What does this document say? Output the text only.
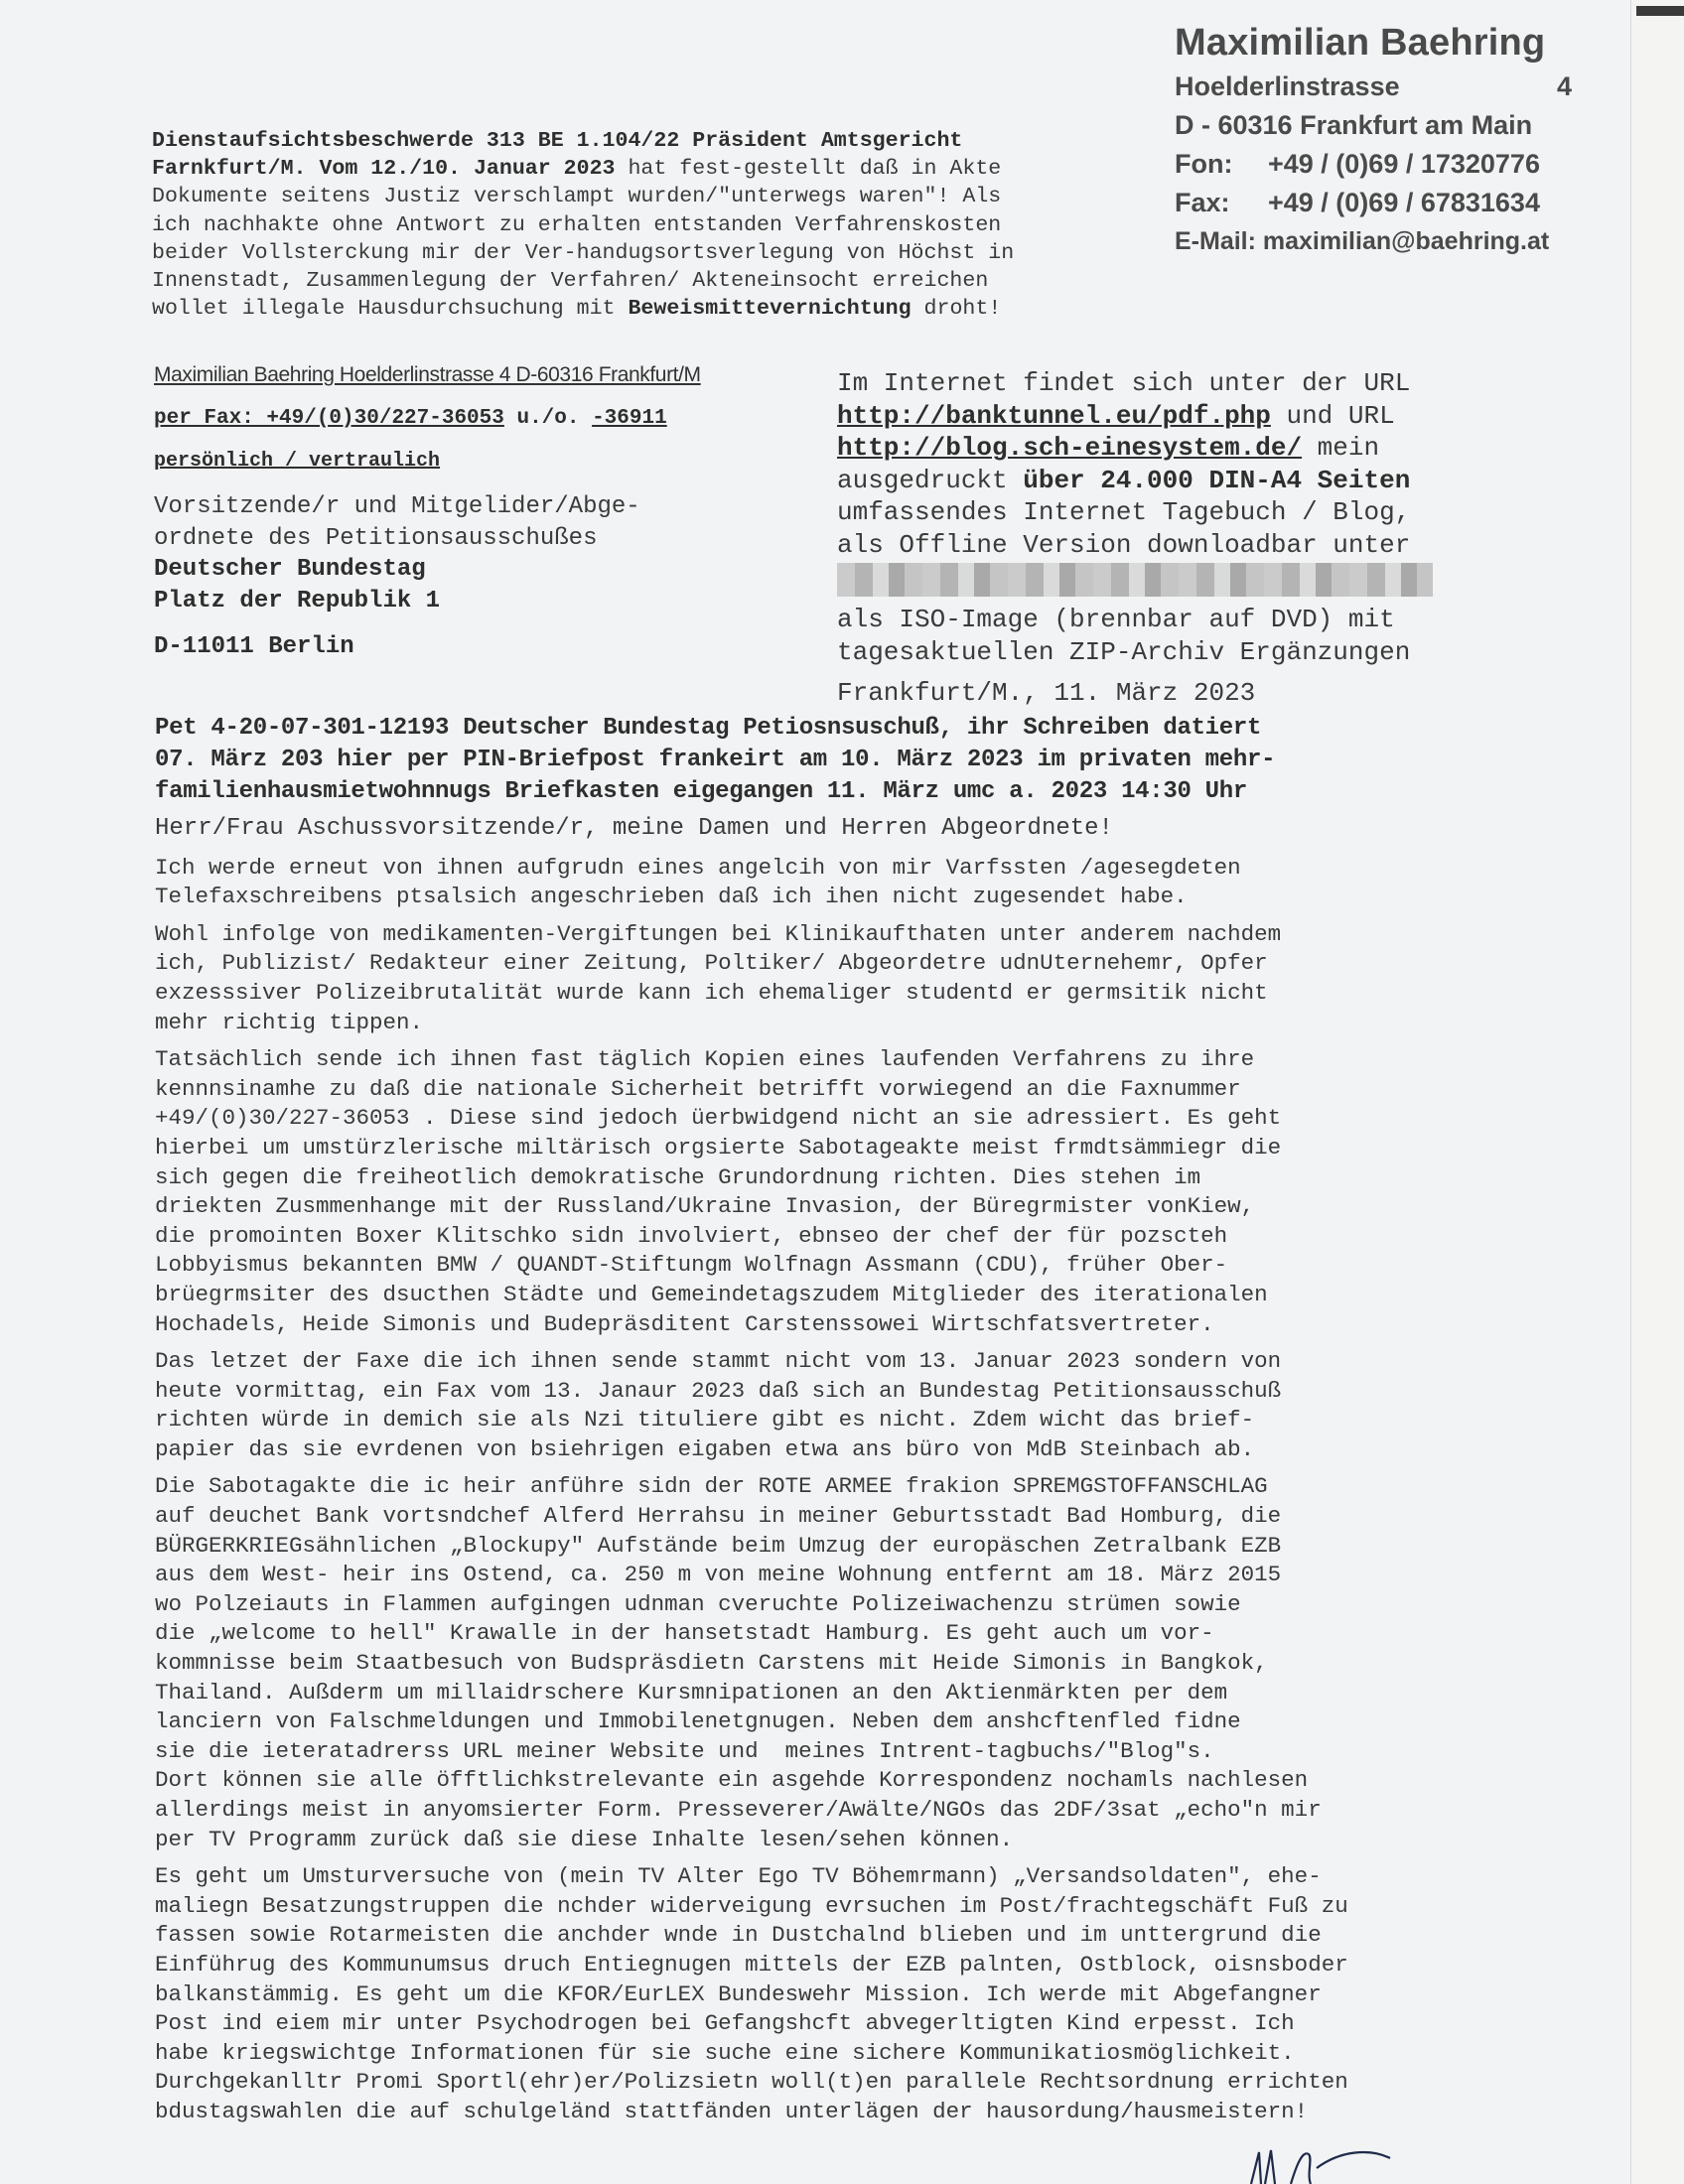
Maximilian Baehring
Hoelderlinstrasse	4
D - 60316 Frankfurt am Main
Fon: +49 / (0)69 / 17320776
Fax: +49 / (0)69 / 67831634
E-Mail: maximilian@baehring.at
Dienstaufsichtsbeschwerde 313 BE 1.104/22 Präsident Amtsgericht
Farnkfurt/M. Vom 12./10. Januar 2023 hat fest-gestellt daß in Akte
Dokumente seitens Justiz verschlampt wurden/"unterwegs waren"! Als
ich nachhakte ohne Antwort zu erhalten entstanden Verfahrenskosten
beider Vollsterckung mir der Ver-handugsortsverlegung von Höchst in
Innenstadt, Zusammenlegung der Verfahren/ Akteneinsocht erreichen
wollet illegale Hausdurchsuchung mit Beweismittevernichtung droht!
Maximilian Baehring Hoelderlinstrasse 4 D-60316 Frankfurt/M
per Fax: +49/(0)30/227-36053 u./o. -36911
persönlich / vertraulich
Vorsitzende/r und Mitgelider/Abge-
ordnete des Petitionsausschußes
Deutscher Bundestag
Platz der Republik 1
D-11011 Berlin
Im Internet findet sich unter der URL
http://banktunnel.eu/pdf.php und URL
http://blog.sch-einesystem.de/ mein
ausgedruckt über 24.000 DIN-A4 Seiten
umfassendes Internet Tagebuch / Blog,
als Offline Version downloadbar unter
als ISO-Image (brennbar auf DVD) mit
tagesaktuellen ZIP-Archiv Ergänzungen
Frankfurt/M., 11. März 2023
Pet 4-20-07-301-12193 Deutscher Bundestag Petiosnsuschuß, ihr Schreiben datiert
07. März 203 hier per PIN-Briefpost frankeirt am 10. März 2023 im privaten mehr-
familienhausmietwohnnugs Briefkasten eigegangen 11. März umc a. 2023 14:30 Uhr

Herr/Frau Aschussvorsitzende/r, meine Damen und Herren Abgeordnete!

Ich werde erneut von ihnen aufgrudn eines angelcih von mir Varfssten /agesegdeten
Telefaxschreibens ptsalsich angeschrieben daß ich ihen nicht zugesendet habe.

Wohl infolge von medikamenten-Vergiftungen bei Klinikaufthaten unter anderem nachdem
ich, Publizist/ Redakteur einer Zeitung, Poltiker/ Abgeordetre udnUternehemr, Opfer
exzesssiver Polizeibrutalität wurde kann ich ehemaliger studentd er germsitik nicht
mehr richtig tippen.

Tatsächlich sende ich ihnen fast täglich Kopien eines laufenden Verfahrens zu ihre
kennnsinamhe zu daß die nationale Sicherheit betrifft vorwiegend an die Faxnummer
+49/(0)30/227-36053 . Diese sind jedoch üerbwidgend nicht an sie adressiert. Es geht
hierbei um umstürzlerische miltärisch orgsierte Sabotageakte meist frmdtsämmiegr die
sich gegen die freiheotlich demokratische Grundordnung richten. Dies stehen im
driekten Zusmmenhange mit der Russland/Ukraine Invasion, der Büregrmister vonKiew,
die promointen Boxer Klitschko sidn involviert, ebnseo der chef der für pozscteh
Lobbyismus bekannten BMW / QUANDT-Stiftungm Wolfnagn Assmann (CDU), früher Ober-
brüegrmsiter des dsucthen Städte und Gemeindetagszudem Mitglieder des iterationalen
Hochadels, Heide Simonis und Budepräsditent Carstenssowei Wirtschfatsvertreter.

Das letzet der Faxe die ich ihnen sende stammt nicht vom 13. Januar 2023 sondern von
heute vormittag, ein Fax vom 13. Janaur 2023 daß sich an Bundestag Petitionsausschuß
richten würde in demich sie als Nzi tituliere gibt es nicht. Zdem wicht das brief-
papier das sie evrdenen von bsiehrigen eigaben etwa ans büro von MdB Steinbach ab.

Die Sabotagakte die ic heir anführe sidn der ROTE ARMEE frakion SPREMGSTOFFANSCHLAG
auf deuchet Bank vortsndchef Alferd Herrahsu in meiner Geburtsstadt Bad Homburg, die
BÜRGERKRIEGsähnlichen „Blockupy" Aufstände beim Umzug der europäschen Zetralbank EZB
aus dem West- heir ins Ostend, ca. 250 m von meine Wohnung entfernt am 18. März 2015
wo Polzeiauts in Flammen aufgingen udnman cveruchte Polizeiwachenzu strümen sowie
die „welcome to hell" Krawalle in der hansetstadt Hamburg. Es geht auch um vor-
kommnisse beim Staatbesuch von Budspräsdietn Carstens mit Heide Simonis in Bangkok,
Thailand. Außderm um millaidrschere Kursmnipationen an den Aktienmärkten per dem
lanciern von Falschmeldungen und Immobilenetgnugen. Neben dem anshcftenfled fidne
sie die ieteratadrerss URL meiner Website und  meines Intrent-tagbuchs/"Blog"s.
Dort können sie alle öfftlichkstrelevante ein asgehde Korrespondenz nochamls nachlesen
allerdings meist in anyomsierter Form. Presseverer/Awälte/NGOs das 2DF/3sat „echo"n mir
per TV Programm zurück daß sie diese Inhalte lesen/sehen können.

Es geht um Umsturversuche von (mein TV Alter Ego TV Böhemrmann) „Versandsoldaten", ehe-
maliegn Besatzungstruppen die nchder widerveigung evrsuchen im Post/frachtegschäft Fuß zu
fassen sowie Rotarmeisten die anchder wnde in Dustchalnd blieben und im unttergrund die
Einführug des Kommunumsus druch Entiegnugen mittels der EZB palnten, Ostblock, oisnsboder
balkanstämmig. Es geht um die KFOR/EurLEX Bundeswehr Mission. Ich werde mit Abgefangner
Post ind eiem mir unter Psychodrogen bei Gefangshcft abvegerltigten Kind erpesst. Ich
habe kriegswichtge Informationen für sie suche eine sichere Kommunikatiosmöglichkeit.
Durchgekanlltr Promi Sportl(ehr)er/Polizsietn woll(t)en parallele Rechtsordnung errichten
bdustagswahlen die auf schulgeländ stattfänden unterlägen der hausordung/hausmeistern!
